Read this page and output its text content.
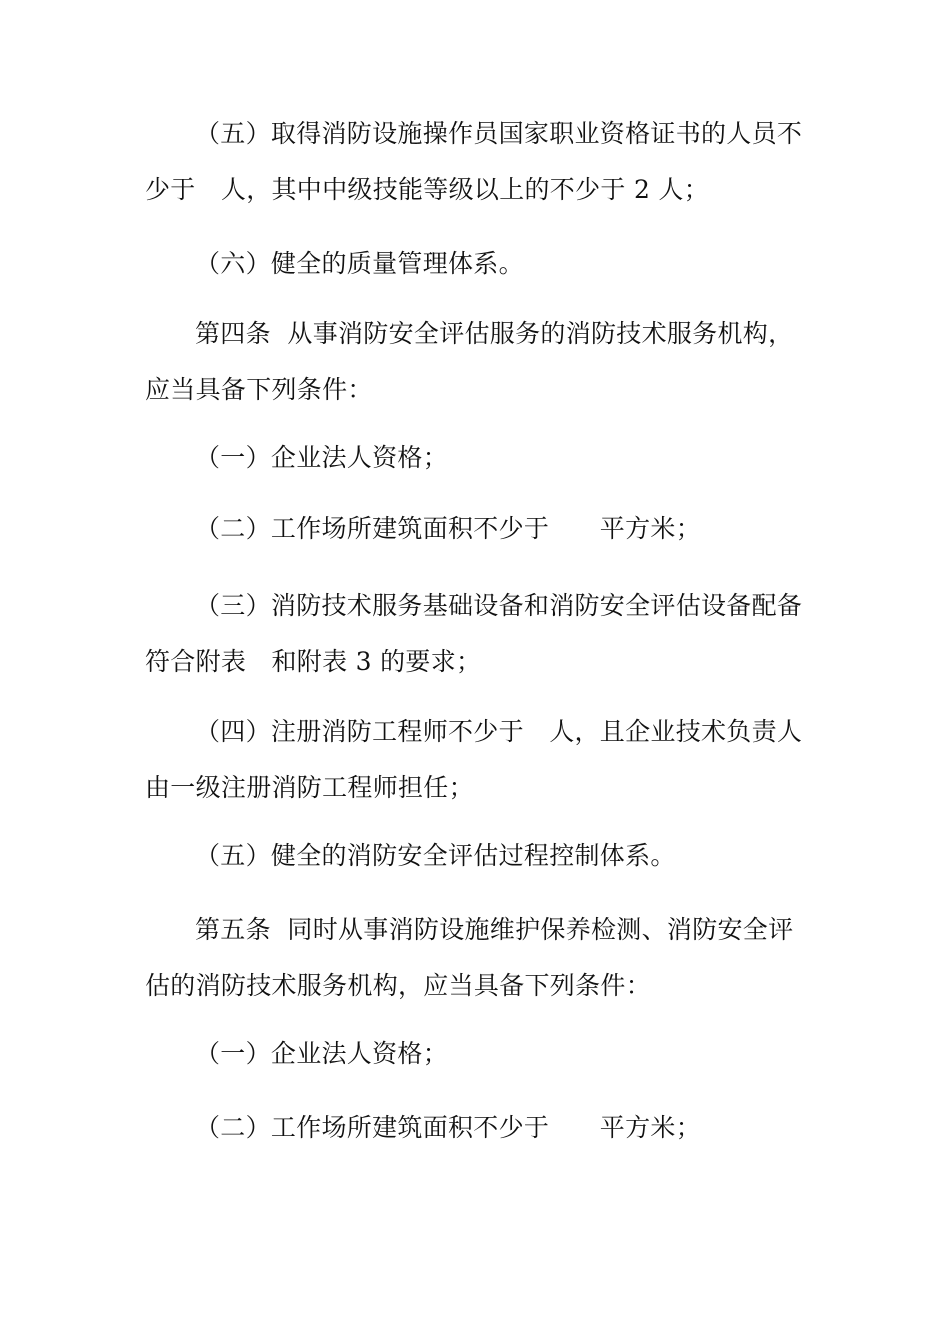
（五）取得消防设施操作员国家职业资格证书的人员不少于　人，其中中级技能等级以上的不少于 2 人；

（六）健全的质量管理体系。

第四条  从事消防安全评估服务的消防技术服务机构，应当具备下列条件：

（一）企业法人资格；

（二）工作场所建筑面积不少于　　平方米；

（三）消防技术服务基础设备和消防安全评估设备配备符合附表　和附表 3 的要求；

（四）注册消防工程师不少于　人，且企业技术负责人由一级注册消防工程师担任；

（五）健全的消防安全评估过程控制体系。

第五条  同时从事消防设施维护保养检测、消防安全评估的消防技术服务机构，应当具备下列条件：

（一）企业法人资格；

（二）工作场所建筑面积不少于　　平方米；
